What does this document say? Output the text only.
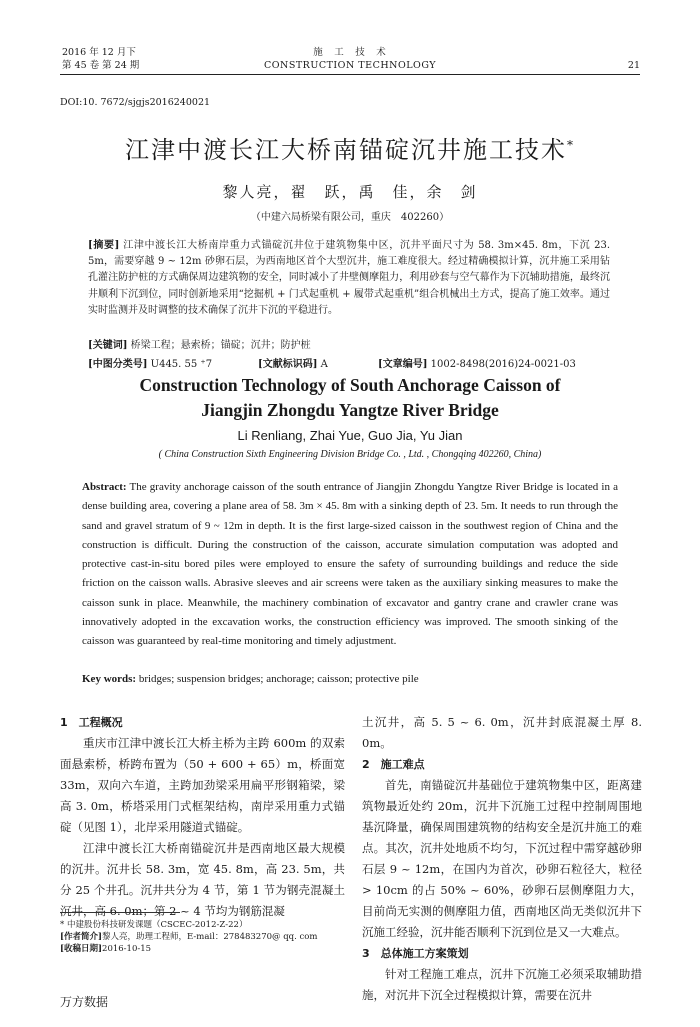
2016 年 12 月下
第 45 卷 第 24 期
施　工　技　术
CONSTRUCTION TECHNOLOGY	21
DOI:10. 7672/sjgjs2016240021
江津中渡长江大桥南锚碇沉井施工技术*
黎人亮，翟　跃，禹　佳，余　剑
（中建六局桥梁有限公司，重庆　402260）
[摘要] 江津中渡长江大桥南岸重力式锚碇沉井位于建筑物集中区，沉井平面尺寸为 58. 3m×45. 8m，下沉 23. 5m，需要穿越 9 ~ 12m 砂卵石层，为西南地区首个大型沉井，施工难度很大。经过精确模拟计算，沉井施工采用钻孔灌注防护桩的方式确保周边建筑物的安全，同时减小了井壁侧摩阻力，利用砂套与空气幕作为下沉辅助措施，最终沉井顺利下沉到位，同时创新地采用“挖掘机 + 门式起重机 + 履带式起重机”组合机械出土方式，提高了施工效率。通过实时监测并及时调整的技术确保了沉井下沉的平稳进行。
[关键词] 桥梁工程；悬索桥；锚碇；沉井；防护桩
[中图分类号] U445. 55 ⁺7	[文献标识码] A	[文章编号] 1002-8498(2016)24-0021-03
Construction Technology of South Anchorage Caisson of
Jiangjin Zhongdu Yangtze River Bridge
Li Renliang, Zhai Yue, Guo Jia, Yu Jian
( China Construction Sixth Engineering Division Bridge Co. , Ltd. , Chongqing 402260, China)
Abstract: The gravity anchorage caisson of the south entrance of Jiangjin Zhongdu Yangtze River Bridge is located in a dense building area, covering a plane area of 58. 3m × 45. 8m with a sinking depth of 23. 5m. It needs to run through the sand and gravel stratum of 9 ~ 12m in depth. It is the first large-sized caisson in the southwest region of China and the construction is difficult. During the construction of the caisson, accurate simulation computation was adopted and protective cast-in-situ bored piles were employed to ensure the safety of surrounding buildings and reduce the side friction on the caisson walls. Abrasive sleeves and air screens were taken as the auxiliary sinking measures to make the caisson sunk in place. Meanwhile, the machinery combination of excavator and gantry crane and crawler crane was innovatively adopted in the excavation works, the construction efficiency was improved. The smooth sinking of the caisson was guaranteed by real-time monitoring and timely adjustment.
Key words: bridges; suspension bridges; anchorage; caisson; protective pile
1　工程概况

重庆市江津中渡长江大桥主桥为主跨 600m 的双索面悬索桥，桥跨布置为（50 + 600 + 65）m，桥面宽 33m，双向六车道，主跨加劲梁采用扁平形钢箱梁，梁高 3. 0m，桥塔采用门式框架结构，南岸采用重力式锚碇（见图 1），北岸采用隧道式锚碇。

江津中渡长江大桥南锚碇沉井是西南地区最大规模的沉井。沉井长 58. 3m，宽 45. 8m，高 23. 5m，共分 25 个井孔。沉井共分为 4 节，第 1 节为钢壳混凝土沉井，高 6. 0m；第 2 ~ 4 节均为钢筋混凝

土沉井，高 5. 5 ~ 6. 0m，沉井封底混凝土厚 8. 0m。

2　施工难点

首先，南锚碇沉井基础位于建筑物集中区，距离建筑物最近处约 20m，沉井下沉施工过程中控制周围地基沉降量，确保周围建筑物的结构安全是沉井施工的难点。其次，沉井处地质不均匀，下沉过程中需穿越砂卵石层 9 ~ 12m，在国内为首次，砂卵石粒径大，粒径 > 10cm 的占 50% ~ 60%，砂卵石层侧摩阻力大，目前尚无实测的侧摩阻力值，西南地区尚无类似沉井下沉施工经验，沉井能否顺利下沉到位是又一大难点。

3　总体施工方案策划

针对工程施工难点，沉井下沉施工必须采取辅助措施，对沉井下沉全过程模拟计算，需要在沉井

* 中建股份科技研发课题（CSCEC-2012-Z-22）
[作者简介]黎人亮，助理工程师，E-mail：278483270@ qq. com
[收稿日期]2016-10-15
万方数据
